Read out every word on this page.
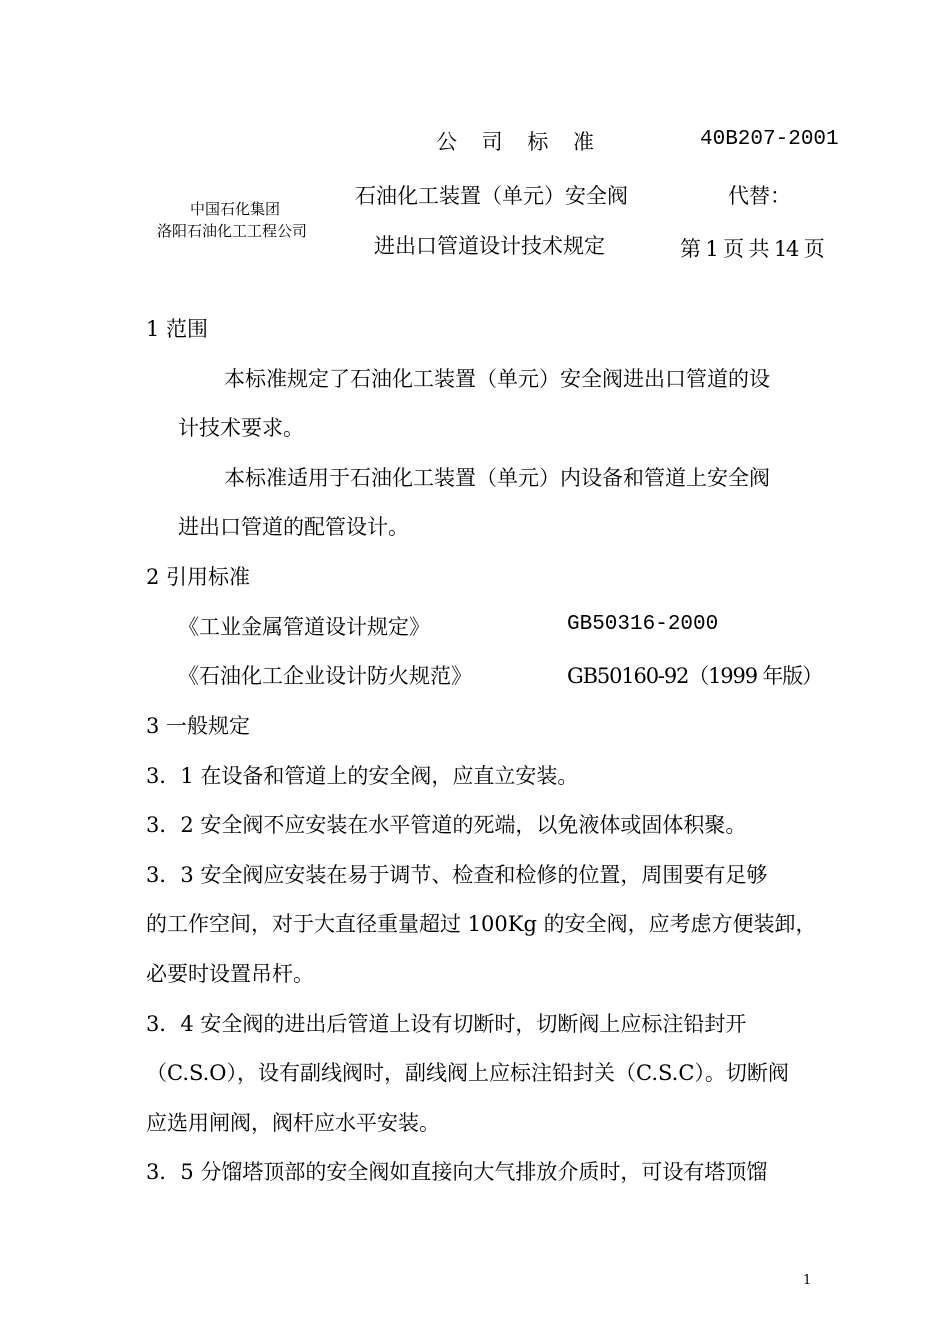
公 司 标 准	40B207-2001
中国石化集团
洛阳石油化工工程公司
石油化工装置（单元）安全阀
进出口管道设计技术规定
代替：
第 1 页 共 14 页
1 范围
本标准规定了石油化工装置（单元）安全阀进出口管道的设
计技术要求。
本标准适用于石油化工装置（单元）内设备和管道上安全阀
进出口管道的配管设计。
2 引用标准
《工业金属管道设计规定》	GB50316-2000
《石油化工企业设计防火规范》	GB50160-92（1999 年版）
3 一般规定
3．1 在设备和管道上的安全阀，应直立安装。
3．2 安全阀不应安装在水平管道的死端，以免液体或固体积聚。
3．3 安全阀应安装在易于调节、检查和检修的位置，周围要有足够
的工作空间，对于大直径重量超过 100Kg 的安全阀，应考虑方便装卸，
必要时设置吊杆。
3．4 安全阀的进出后管道上设有切断时，切断阀上应标注铅封开
（C.S.O），设有副线阀时，副线阀上应标注铅封关（C.S.C）。切断阀
应选用闸阀，阀杆应水平安装。
3．5 分馏塔顶部的安全阀如直接向大气排放介质时，可设有塔顶馏
1
